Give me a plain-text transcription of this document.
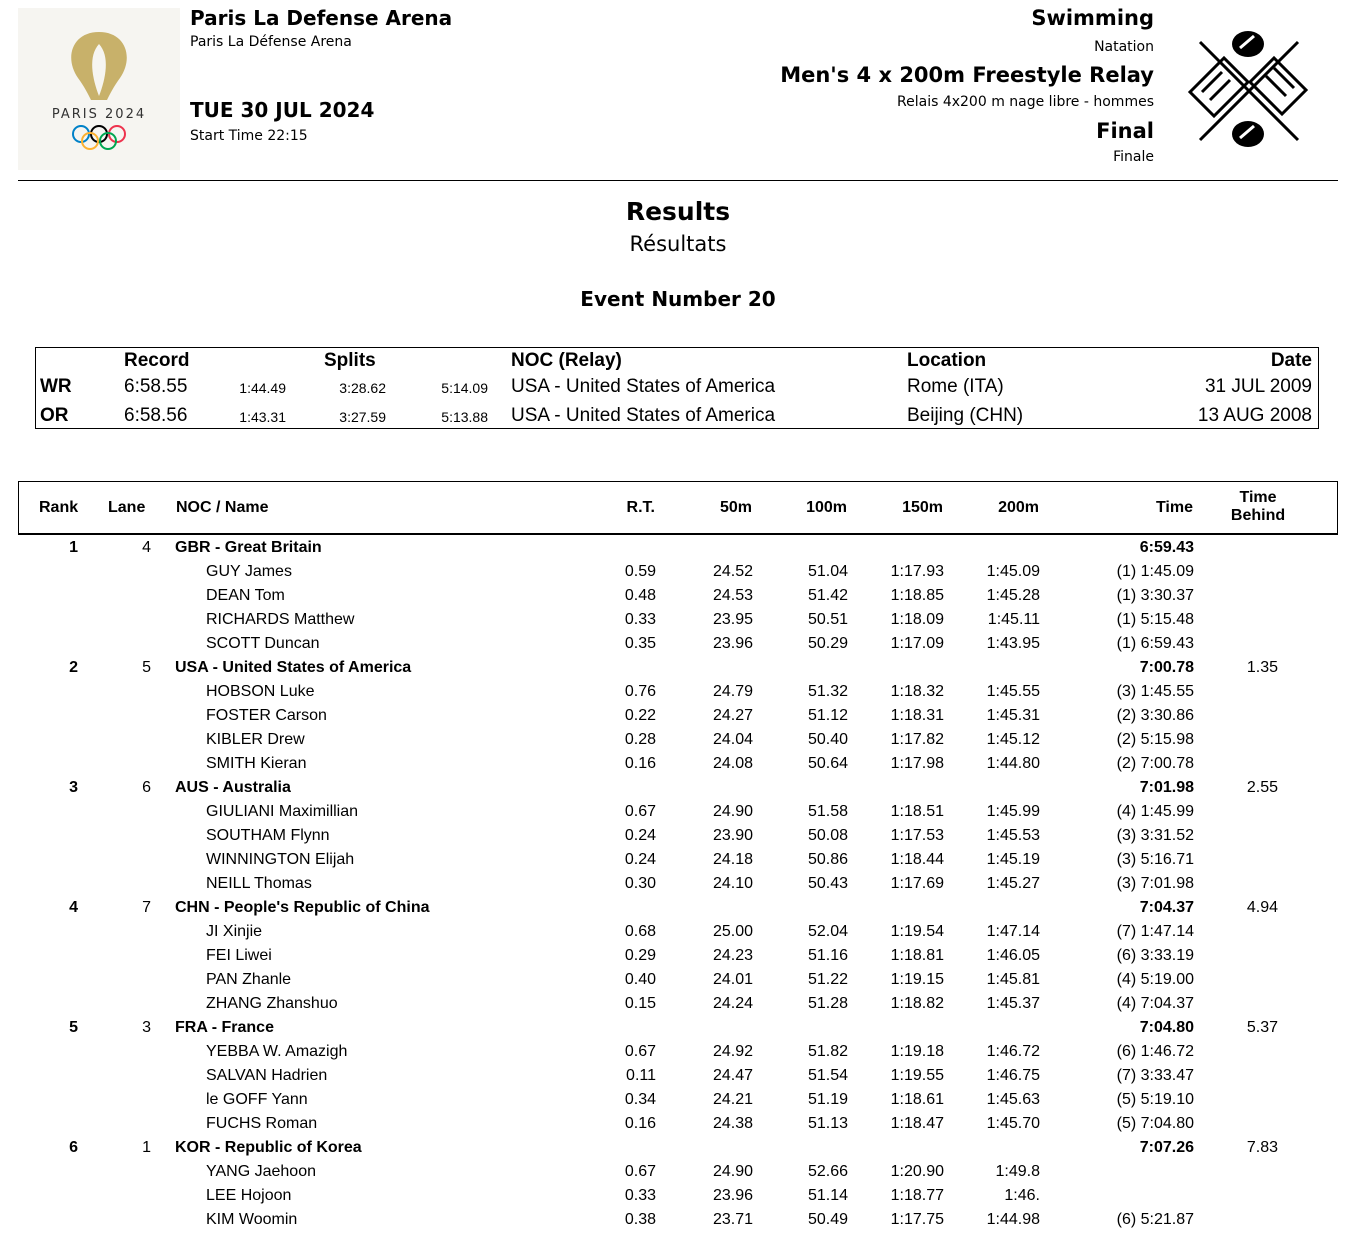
PARIS 2024
Paris La Defense Arena
Paris La Défense Arena
TUE 30 JUL 2024
Start Time 22:15
Swimming
Natation
Men's 4 x 200m Freestyle Relay
Relais 4x200 m nage libre - hommes
Final
Finale
Results
Résultats
Event Number 20
Record	Splits	NOC (Relay)	Location	Date
WR	6:58.55	1:44.49	3:28.62	5:14.09 USA - United States of America	Rome (ITA)	31 JUL 2009
OR	6:58.56	1:43.31	3:27.59	5:13.88 USA - United States of America	Beijing (CHN)	13 AUG 2008
Rank Lane NOC / Name	R.T.	50m	100m	150m	200m	Time
Time
Behind
1	4 GBR - Great Britain	6:59.43
GUY James	0.59	24.52	51.04	1:17.93	1:45.09	(1) 1:45.09
DEAN Tom	0.48	24.53	51.42	1:18.85	1:45.28	(1) 3:30.37
RICHARDS Matthew	0.33	23.95	50.51	1:18.09	1:45.11	(1) 5:15.48
SCOTT Duncan	0.35	23.96	50.29	1:17.09	1:43.95	(1) 6:59.43
2	5 USA - United States of America	7:00.78	1.35
HOBSON Luke	0.76	24.79	51.32	1:18.32	1:45.55	(3) 1:45.55
FOSTER Carson	0.22	24.27	51.12	1:18.31	1:45.31	(2) 3:30.86
KIBLER Drew	0.28	24.04	50.40	1:17.82	1:45.12	(2) 5:15.98
SMITH Kieran	0.16	24.08	50.64	1:17.98	1:44.80	(2) 7:00.78
3	6 AUS - Australia	7:01.98	2.55
GIULIANI Maximillian	0.67	24.90	51.58	1:18.51	1:45.99	(4) 1:45.99
SOUTHAM Flynn	0.24	23.90	50.08	1:17.53	1:45.53	(3) 3:31.52
WINNINGTON Elijah	0.24	24.18	50.86	1:18.44	1:45.19	(3) 5:16.71
NEILL Thomas	0.30	24.10	50.43	1:17.69	1:45.27	(3) 7:01.98
4	7 CHN - People's Republic of China	7:04.37	4.94
JI Xinjie	0.68	25.00	52.04	1:19.54	1:47.14	(7) 1:47.14
FEI Liwei	0.29	24.23	51.16	1:18.81	1:46.05	(6) 3:33.19
PAN Zhanle	0.40	24.01	51.22	1:19.15	1:45.81	(4) 5:19.00
ZHANG Zhanshuo	0.15	24.24	51.28	1:18.82	1:45.37	(4) 7:04.37
5	3 FRA - France	7:04.80	5.37
YEBBA W. Amazigh	0.67	24.92	51.82	1:19.18	1:46.72	(6) 1:46.72
SALVAN Hadrien	0.11	24.47	51.54	1:19.55	1:46.75	(7) 3:33.47
le GOFF Yann	0.34	24.21	51.19	1:18.61	1:45.63	(5) 5:19.10
FUCHS Roman	0.16	24.38	51.13	1:18.47	1:45.70	(5) 7:04.80
6	1 KOR - Republic of Korea	7:07.26	7.83
YANG Jaehoon	0.67	24.90	52.66	1:20.90	1:49.8
LEE Hojoon	0.33	23.96	51.14	1:18.77	1:46.
KIM Woomin	0.38	23.71	50.49	1:17.75	1:44.98	(6) 5:21.87
